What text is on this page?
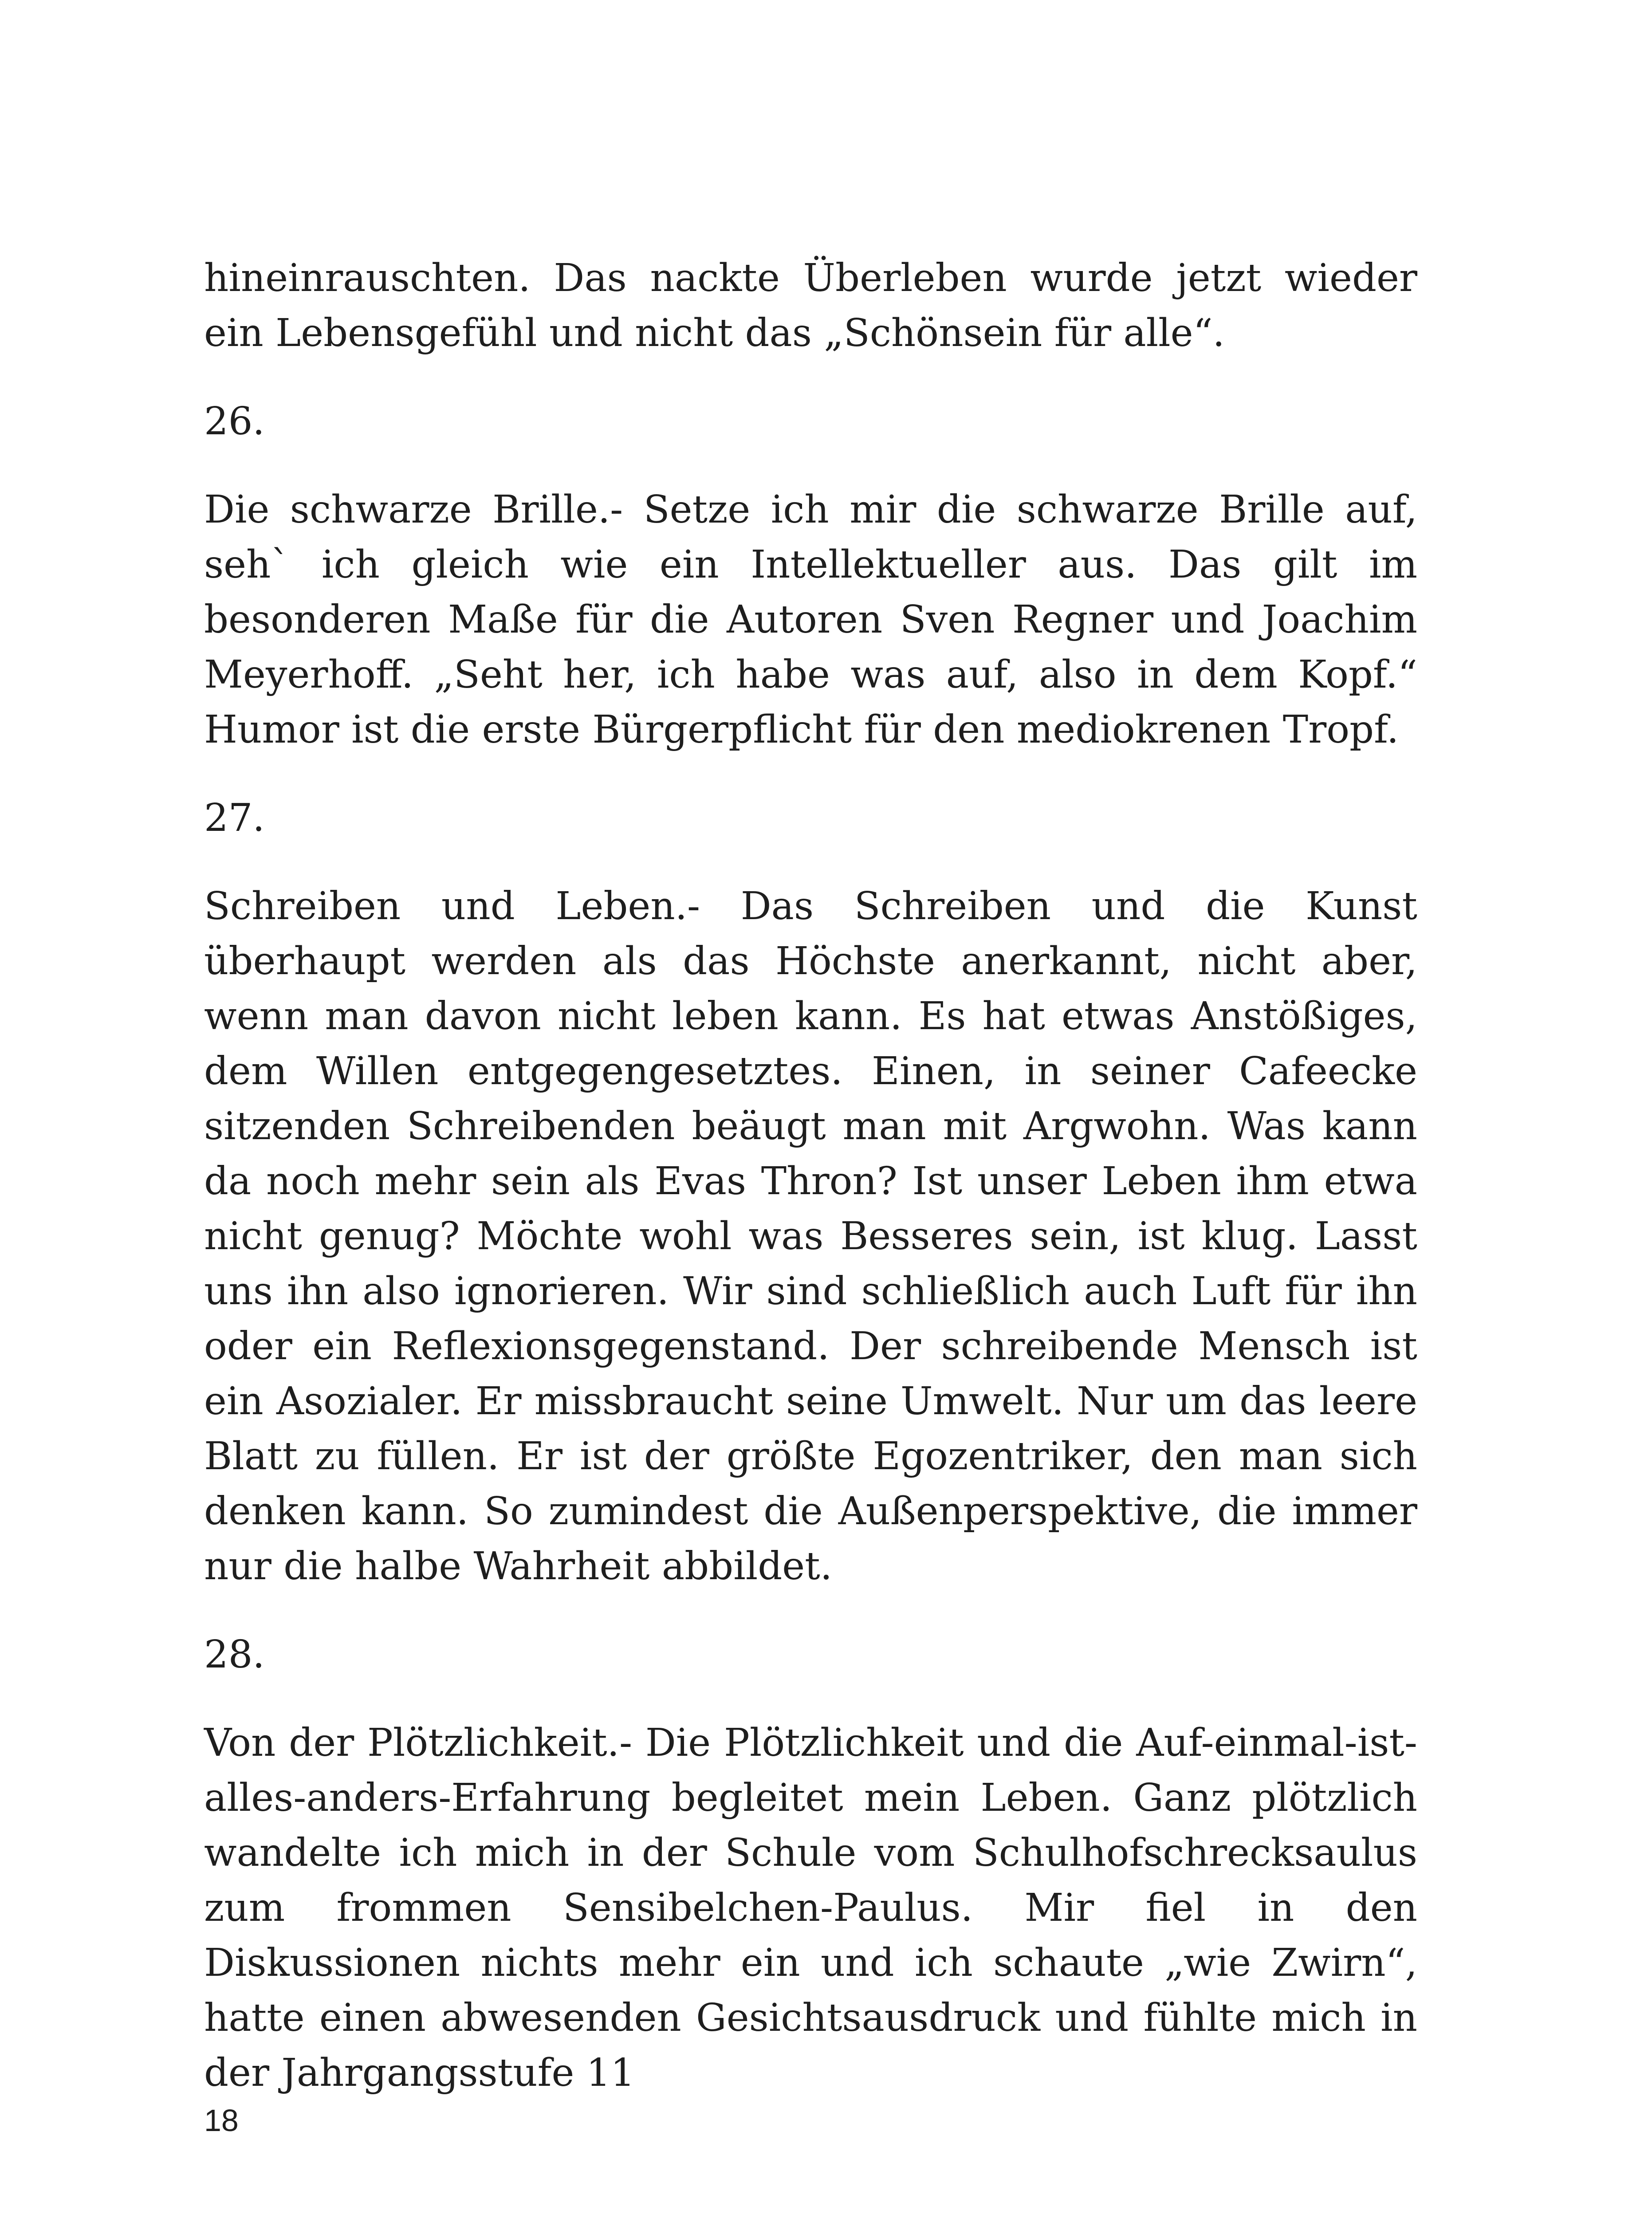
hineinrauschten. Das nackte Überleben wurde jetzt wieder ein Lebensgefühl und nicht das „Schönsein für alle“.

26.

Die schwarze Brille.- Setze ich mir die schwarze Brille auf, seh` ich gleich wie ein Intellektueller aus. Das gilt im besonderen Maße für die Autoren Sven Regner und Joachim Meyerhoff. „Seht her, ich habe was auf, also in dem Kopf.“ Humor ist die erste Bürgerpflicht für den mediokrenen Tropf.

27.

Schreiben und Leben.- Das Schreiben und die Kunst überhaupt werden als das Höchste anerkannt, nicht aber, wenn man davon nicht leben kann. Es hat etwas Anstößiges, dem Willen entgegengesetztes. Einen, in seiner Cafeecke sitzenden Schreibenden beäugt man mit Argwohn. Was kann da noch mehr sein als Evas Thron? Ist unser Leben ihm etwa nicht genug? Möchte wohl was Besseres sein, ist klug. Lasst uns ihn also ignorieren. Wir sind schließlich auch Luft für ihn oder ein Reflexionsgegenstand. Der schreibende Mensch ist ein Asozialer. Er missbraucht seine Umwelt. Nur um das leere Blatt zu füllen. Er ist der größte Egozentriker, den man sich denken kann. So zumindest die Außenperspektive, die immer nur die halbe Wahrheit abbildet.

28.

Von der Plötzlichkeit.- Die Plötzlichkeit und die Auf-einmal-ist-alles-anders-Erfahrung begleitet mein Leben. Ganz plötzlich wandelte ich mich in der Schule vom Schulhofschrecksaulus zum frommen Sensibelchen-Paulus. Mir fiel in den Diskussionen nichts mehr ein und ich schaute „wie Zwirn“, hatte einen abwesenden Gesichtsausdruck und fühlte mich in der Jahrgangsstufe 11

18
